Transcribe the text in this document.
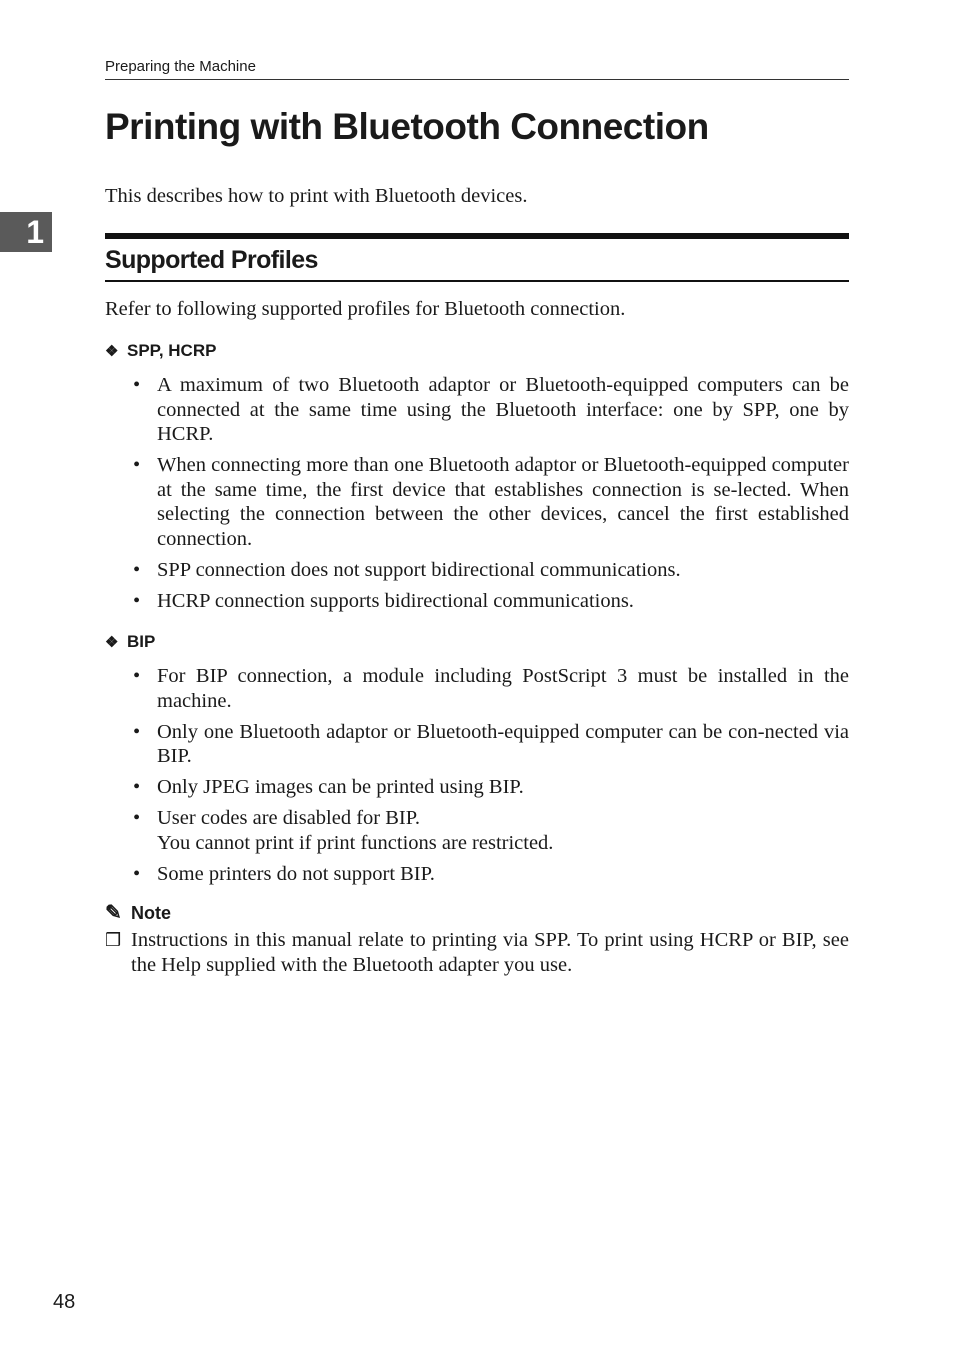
Preparing the Machine
1
Printing with Bluetooth Connection

This describes how to print with Bluetooth devices.

Supported Profiles

Refer to following supported profiles for Bluetooth connection.

❖ SPP, HCRP
• A maximum of two Bluetooth adaptor or Bluetooth-equipped computers can be connected at the same time using the Bluetooth interface: one by SPP, one by HCRP.
• When connecting more than one Bluetooth adaptor or Bluetooth-equipped computer at the same time, the first device that establishes connection is se-lected. When selecting the connection between the other devices, cancel the first established connection.
• SPP connection does not support bidirectional communications.
• HCRP connection supports bidirectional communications.
❖ BIP
• For BIP connection, a module including PostScript 3 must be installed in the machine.
• Only one Bluetooth adaptor or Bluetooth-equipped computer can be con-nected via BIP.
• Only JPEG images can be printed using BIP.
• User codes are disabled for BIP.
You cannot print if print functions are restricted.
• Some printers do not support BIP.
✎ Note
❒ Instructions in this manual relate to printing via SPP. To print using HCRP or BIP, see the Help supplied with the Bluetooth adapter you use.
48
